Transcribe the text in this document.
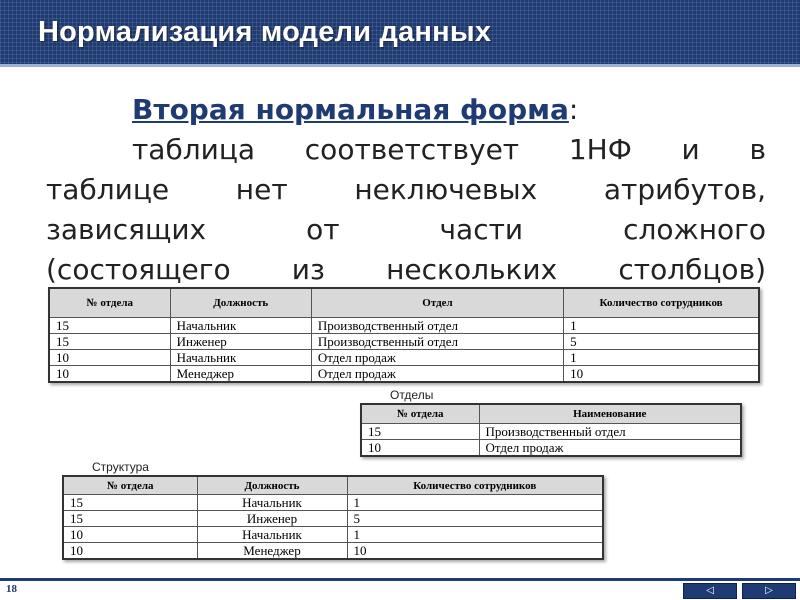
Нормализация модели данных
Вторая нормальная форма:
таблица соответствует 1НФ и в
таблице нет неключевых атрибутов,
зависящих от части сложного
(состоящего из нескольких столбцов)
№ отдела	Должность	Отдел	Количество сотрудников
15	Начальник	Производственный отдел	1
15	Инженер	Производственный отдел	5
10	Начальник	Отдел продаж	1
10	Менеджер	Отдел продаж	10
Отделы
№ отдела	Наименование
15	Производственный отдел
10	Отдел продаж
Структура
№ отдела	Должность	Количество сотрудников
15	Начальник	1
15	Инженер	5
10	Начальник	1
10	Менеджер	10
18	◁	▷
